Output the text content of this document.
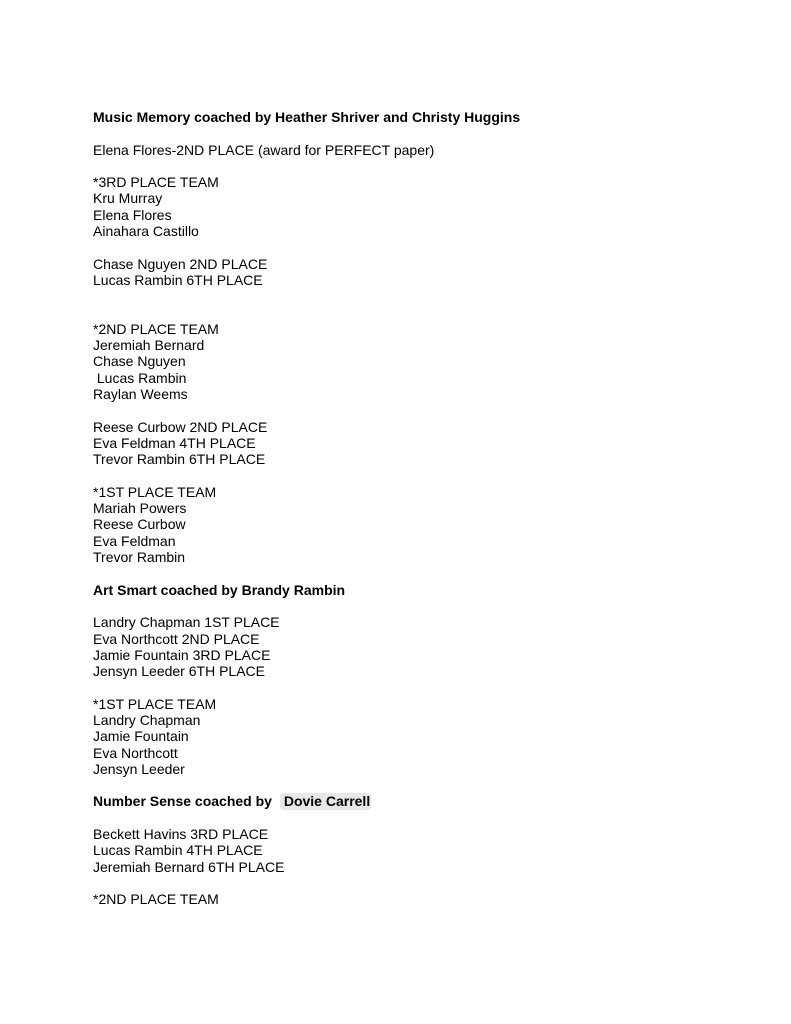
Music Memory coached by Heather Shriver and Christy Huggins
Elena Flores-2ND PLACE (award for PERFECT paper)
*3RD PLACE TEAM
Kru Murray
Elena Flores
Ainahara Castillo
Chase Nguyen 2ND PLACE
Lucas Rambin 6TH PLACE
*2ND PLACE TEAM
Jeremiah Bernard
Chase Nguyen
Lucas Rambin
Raylan Weems
Reese Curbow 2ND PLACE
Eva Feldman 4TH PLACE
Trevor Rambin 6TH PLACE
*1ST PLACE TEAM
Mariah Powers
Reese Curbow
Eva Feldman
Trevor Rambin
Art Smart coached by Brandy Rambin
Landry Chapman 1ST PLACE
Eva Northcott 2ND PLACE
Jamie Fountain 3RD PLACE
Jensyn Leeder 6TH PLACE
*1ST PLACE TEAM
Landry Chapman
Jamie Fountain
Eva Northcott
Jensyn Leeder
Number Sense coached by Dovie Carrell
Beckett Havins 3RD PLACE
Lucas Rambin 4TH PLACE
Jeremiah Bernard 6TH PLACE
*2ND PLACE TEAM
